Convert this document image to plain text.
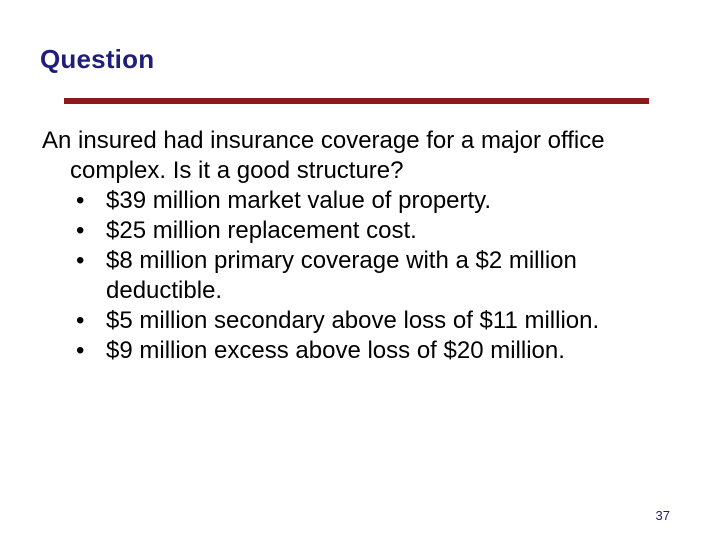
Question

An insured had insurance coverage for a major office complex. Is it a good structure?

• $39 million market value of property.
• $25 million replacement cost.
• $8 million primary coverage with a $2 million deductible.
• $5 million secondary above loss of $11 million.
• $9 million excess above loss of $20 million.
37
